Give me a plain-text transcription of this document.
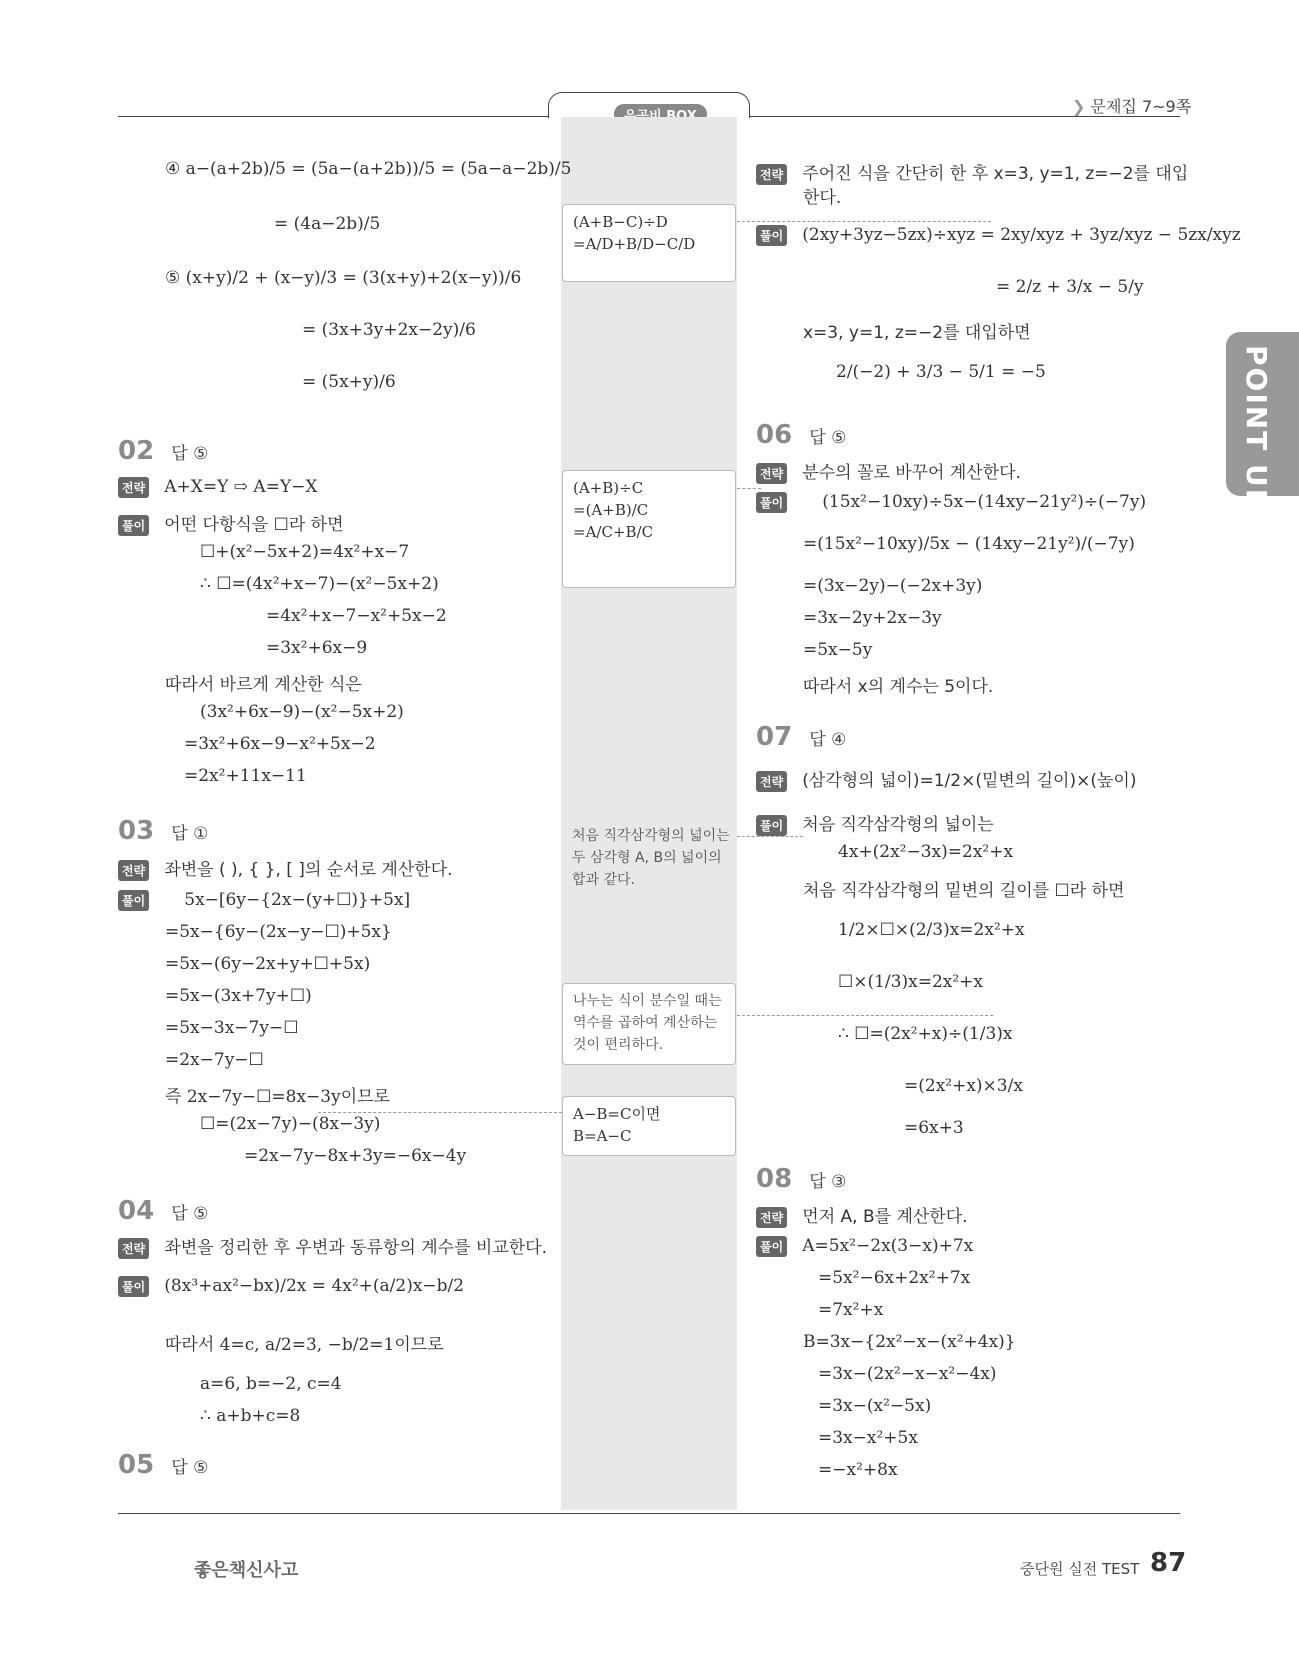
❯ 문제집 7~9쪽
(A+B−C)÷D
=A/D+B/D−C/D
(A+B)÷C
=(A+B)/C
=A/C+B/C
처음 직각삼각형의 넓이는 두 삼각형 A, B의 넓이의 합과 같다.
나누는 식이 분수일 때는 역수를 곱하여 계산하는 것이 편리하다.
A−B=C이면
B=A−C
POINT UP
④ a−(a+2b)/5 = (5a−(a+2b))/5 = (5a−a−2b)/5
= (4a−2b)/5
⑤ (x+y)/2 + (x−y)/3 = (3(x+y)+2(x−y))/6
= (3x+3y+2x−2y)/6
= (5x+y)/6
02 답 ⑤
전략 A+X=Y ⇨ A=Y−X
풀이 어떤 다항식을 ☐라 하면
☐+(x²−5x+2)=4x²+x−7
∴ ☐=(4x²+x−7)−(x²−5x+2)
=4x²+x−7−x²+5x−2
=3x²+6x−9
따라서 바르게 계산한 식은
(3x²+6x−9)−(x²−5x+2)
=3x²+6x−9−x²+5x−2
=2x²+11x−11
03 답 ①
전략 좌변을 ( ), { }, [ ]의 순서로 계산한다.
풀이 5x−[6y−{2x−(y+☐)}+5x]
=5x−{6y−(2x−y−☐)+5x}
=5x−(6y−2x+y+☐+5x)
=5x−(3x+7y+☐)
=5x−3x−7y−☐
=2x−7y−☐
즉 2x−7y−☐=8x−3y이므로
☐=(2x−7y)−(8x−3y)
=2x−7y−8x+3y=−6x−4y
04 답 ⑤
전략 좌변을 정리한 후 우변과 동류항의 계수를 비교한다.
풀이 (8x³+ax²−bx)/2x = 4x²+(a/2)x−b/2
따라서 4=c, a/2=3, −b/2=1이므로
a=6, b=−2, c=4
∴ a+b+c=8
05 답 ⑤
전략 주어진 식을 간단히 한 후 x=3, y=1, z=−2를 대입
한다.
풀이 (2xy+3yz−5zx)÷xyz = 2xy/xyz + 3yz/xyz − 5zx/xyz
= 2/z + 3/x − 5/y
x=3, y=1, z=−2를 대입하면
2/(−2) + 3/3 − 5/1 = −5
06 답 ⑤
전략 분수의 꼴로 바꾸어 계산한다.
풀이 (15x²−10xy)÷5x−(14xy−21y²)÷(−7y)
=(15x²−10xy)/5x − (14xy−21y²)/(−7y)
=(3x−2y)−(−2x+3y)
=3x−2y+2x−3y
=5x−5y
따라서 x의 계수는 5이다.
07 답 ④
전략 (삼각형의 넓이)=1/2×(밑변의 길이)×(높이)
풀이 처음 직각삼각형의 넓이는
4x+(2x²−3x)=2x²+x
처음 직각삼각형의 밑변의 길이를 ☐라 하면
1/2×☐×(2/3)x=2x²+x
☐×(1/3)x=2x²+x
∴ ☐=(2x²+x)÷(1/3)x
=(2x²+x)×3/x
=6x+3
08 답 ③
전략 먼저 A, B를 계산한다.
풀이 A=5x²−2x(3−x)+7x
=5x²−6x+2x²+7x
=7x²+x
B=3x−{2x²−x−(x²+4x)}
=3x−(2x²−x−x²−4x)
=3x−(x²−5x)
=3x−x²+5x
=−x²+8x
좋은책신사고	중단원 실전 TEST 87
